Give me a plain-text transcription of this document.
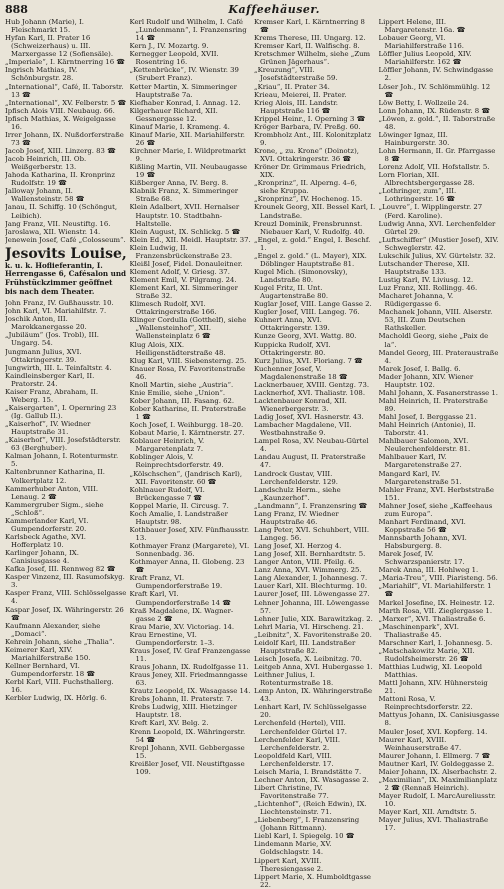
888	Kaffeehäuser.

Hub Johann (Marie), I. Fleischmarkt 15.

Hyfan Karl, II. Prater 16 (Schweizerhaus) u. III. Marxergasse 12 (Sofiensäle).

„Imperiale“, I. Kärntnerring 16 ☎

Ingrisch Mathias, IV. Schönburgstr. 28.

„International“, Café, II. Taborstr. 13 ☎

„International“, XV. Felberstr. 5 ☎

Ipfisch Alois VIII. Neubaug. 66.

Ipfisch Mathias, X. Weigelgasse 16.

Irrer Johann, IX. Nußdorferstraße 73 ☎

Jacob Josef, XIII. Linzerg. 83 ☎

Jacob Heinrich, III. Ob. Weißgerberstr. 13.

Jahoda Katharina, II. Kronprinz Rudolfstr. 19 ☎

Jalloway Johann, II. Wallensteinstr. 58 ☎

Janau, II. Schiffg. 10 (Schöngut, Leibich).

Jang Franz, VII. Neustiftg. 16.

Jaroslawa, XII. Wienstr. 14.

Jenewein Josef, Café „Colosseum“.

Jesovits Louise,
k. u. k. Hoflieferantin, I. Herrengasse 6, Cafésalon und Frühstückzimmer geöffnet bis nach dem Theater.

John Franz, IV. Gußhausstr. 10.

John Karl, VI. Mariahilfstr. 7.

Joschik Anton, III. Marokkanergasse 20.

„Jubiläum“ (Jos. Trobl), III. Ungarg. 54.

Jungmann Julius, XVI. Ottakringerstr. 39.

Jungwirth, III. L. Teinfaltstr. 4.

Kaindleinsberger Karl, II. Pratorstr. 24.

Kaiser Franz, Abraham, II. Weberg. 15.

„Kaisergarten“, I. Opernring 23 (Ig. Gallub II.).

„Kaiserhof“, IV. Wiedner Hauptstraße 31.

„Kaiserhof“, VIII. Josefstädterstr. 63 (Berghuber).

Kalman Johann, I. Rotenturmstr. 5.

Kaltenbrunner Katharina, II. Volkertplatz 12.

Kammerhuber Anton, VIII. Lenaug. 2 ☎

Kammergruber Sigm., siehe „Schloß“.

Kammerlander Karl, VI. Gumpendorferstr. 20.

Karlsbeck Agathe, XVI. Hofferplatz 10.

Karlinger Johann, IX. Canisiusgasse 4.

Kafka Josef, III. Rennweg 82 ☎

Kasper Vinzenz, III. Rasumofskyg. 3.

Kasper Franz, VIII. Schlösselgasse 4.

Kaspar Josef, IX. Währingerstr. 26 ☎

Kaufmann Alexander, siehe „Domaci“.

Kehrein Johann, siehe „Thalia“.

Keimerer Karl, XIV. Mariahilferstraße 150.

Kellner Bernhard, VI. Gumpendorferstr. 18 ☎

Kerbl Karl, VIII. Fuchsthallerg. 16.

Kerbler Ludwig, IX. Hörlg. 6.

Kerl Rudolf und Wilhelm, I. Café „Lundenmann“, I. Franzensring 14 ☎

Kern J., IV. Mozartg. 9.

Kernegger Leopold, XVII. Rosentring 16.

„Kettenbrücke“, IV. Wienstr. 39 (Srubert Franz).

Ketter Martin, X. Simmeringer Hauptstraße 7a.

Kiefhaber Konrad, I. Annag. 12.

Kilgerhauer Richard, XII. Gessnergasse 12.

Kinauf Marie, I. Krameng. 4.

Kinauf Marie, XII. Mariahilferstr. 26 ☎

Kirchner Marie, I. Wildpretmarkt 9.

Kißling Martin, VII. Neubaugasse 19 ☎

Kißberger Anna, IV. Berg. 8.

Klabnik Franz, X. Simmeringer Straße 68.

Klein Adalbert, XVII. Hernalser Hauptstr. 10. Stadtbahn-Haltstelle.

Klein August, IX. Schlickg. 5 ☎

Klein Ed., XII. Meidl. Hauptstr. 37.

Klein Ludwig, II. Franzensbrückenstraße 23.

Kleißl Josef, Fidel. Donauleitner.

Klement Adolf, V. Griesg. 37.

Klement Emil, V. Pilgramg. 24.

Klement Karl, XI. Simmeringer Straße 32.

Klimesch Rudolf, XVI. Ottakringerstraße 166.

Klinger Cordulla (Gotthelf), siehe „Wallensteinhof“, XII. Wallensteinplatz 6 ☎

Klug Alois, XIX. Heiligenstädterstraße 48.

Klug Karl, VIII. Siebensterng. 25.

Knauer Rosa, IV. Favoritenstraße 46.

Knoll Martin, siehe „Austria“.

Knie Emilie, siehe „Union“.

Kober Johann, III. Fasang. 62.

Kober Katharine, II. Praterstraße 1 ☎

Koch Josef, I. Weihburgg. 18–20.

Kobaut Marie, I. Kärntnerstr. 27.

Koblauer Heinrich, V. Margaretenplatz 7.

Koblinger Alois, V. Reinprechtsdorferstr. 49.

„Kölschschen“, (Jandrisch Karl), XII. Favoritenstr. 60 ☎

Kohlnauer Rudolf, VI. Brückengasse 7 ☎

Koppel Marie, II. Circusg. 7.

Koch Amalie, I. Landstraßer Hauptstr. 98.

Kothbauer Josef, XIV. Fünfhausstr. 13.

Kothmayer Franz (Margarete), VI. Sonnenbadg. 36.

Kothmayer Anna, II. Globeng. 23 ☎

Kraft Franz, VI. Gumpendorferstraße 19.

Kraft Karl, VI. Gumpendorferstraße 14 ☎

Kraß Magdalene, IX. Wagner-gasse 2 ☎

Krau Marie, XV. Victoriag. 14.

Krau Ernestine, VI. Gumpendorferstr. 1–3.

Kraus Josef, IV. Graf Franzengasse 11.

Kraus Johann, IX. Rudolfgasse 11.

Kraus Jeney, XII. Friedmanngasse 63.

Krautz Leopold, IX. Wasagasse 14.

Krebs Johann, II. Praterstr. 7.

Krebs Ludwig, XIII. Hietzinger Hauptstr. 18.

Kreft Karl, XV. Belg. 2.

Krenn Leopold, IX. Währingerstr. 54 ☎

Krepl Johann, XVII. Gebbergasse 15.

Kreißler Josef, VII. Neustiftgasse 109.

Kremser Karl, I. Kärntnerring 8 ☎

Krems Therese, III. Ungarg. 12.

Kremser Karl, II. Walfischg. 8.

Kretschmer Wilhelm, siehe „Zum Grünen Jägerhaus“.

„Kreuzung“, VIII. Josefstädterstraße 59.

„Kriau“, II. Prater 34.

Krieau, Meierei, II. Prater.

Krieg Alois, III. Landstr. Hauptstraße 116 ☎

Krippel Heinr., I. Operning 3 ☎

Kröger Barbara, IV. Preßg. 60.

Krombholz Ant., III. Kolonitzplatz 9.

Krone, „ zu. Krone“ (Doinotz), XVI. Ottakringerstr. 36 ☎

Kröner Dr. Grimmaus Friedrich, XIX.

„Kronprinz“, II. Alperng. 4–6, siehe Kruppa.

„Kronprinz“, IV. Hochenog. 15.

Krounek Georg, XII. Bessel Karl, I. Landstraße.

Kreuzl Dominik, Frensbrunnst. Niebauer Karl, V. Rudolfg. 40.

„Engel, z. gold.“ Engel, I. Beschf. 1.

„Engel z. gold.“ (L. Mayer), XIX. Döblinger Hauptstraße 81.

Kugel Mich. (Simonovsky), Landstraße 80.

Kugel Fritz, II. Unt. Augartenstraße 80.

Kuglar Josef, VIII. Lange Gasse 2.

Kugler Josef, VIII. Langeg. 76.

Kuhnert Anna, XVI. Ottakringerstr. 139.

Kunze Georg, XVI. Wattg. 80.

Kuppicka Rudolf, XVI. Ottakringerstr. 80.

Kurz Julius, XVI. Floriang. 7 ☎

Kuchenner Josef, V. Magdalenenstraße 18 ☎

Lacknerbauer, XVIII. Gentzg. 73.

Lacknerhof, XVI. Thaliastr. 108.

Lacktenbauer Konrad, XII. Wienerbergerstr. 3.

Ladig Josef, XVI. Hasnerstr. 43.

Lambacher Magdalene, VII. Westbahnstraße 9.

Lampel Rosa, XV. Neubau-Gürtel 4.

Landau August, II. Praterstraße 47.

Landrock Gustav, VIII. Lerchenfelderstr. 129.

Landschulz Herm., siehe „Kaunzerhof“.

„Landmann“, I. Franzensring ☎

Lang Franz, IV. Wiedner Hauptstraße 46.

Lang Peter, XVI. Schuhbert, VIII. Langeg. 56.

Lang Josef, XI. Herzog 4.

Lang Josef, XII. Bernhardtstr. 5.

Langer Anton, VIII. Pfeilg. 6.

Lanz Anna, XVI. Wimmerg. 25.

Lang Alexander, I. Johannesg. 7.

Lauer Karl, XII. Blechturmg. 10.

Laurer Josef, III. Löwengasse 27.

Lehner Johanna, III. Löwengasse 57.

Lehner Julie, XIX. Barawitzkag. 2.

Lehrl Maria, VI. Hirscheng. 21.

„Leibnitz“, X. Favoritenstraße 20.

Leidolf Karl, III. Landstraßer Hauptstraße 82.

Leisch Josefa, X. Leibnitzg. 70.

Leitgeb Anna, XVI. Hubergasse 1.

Leithner Julius, I. Rotenturmstraße 18.

Lemp Anton, IX. Währingerstraße 43.

Lenhart Karl, IV. Schlüsselgasse 20.

Lerchenfeld (Hertel), VIII. Lerchenfelder Gürtel 17.

Lerchenfelder Karl, VIII. Lerchenfelderstr. 2.

Leopoldfeld Karl, VIII. Lerchenfelderstr. 17.

Leisch Maria, I. Brandstätte 7.

Lechner Anton, IX. Wasagasse 2.

Libert Christine, IV. Favoritenstraße 77.

„Lichtenhof“, (Reich Edwin), IX. Liechtensteinstr. 71.

„Liebenberg“, I. Franzensring (Johann Rittmann).

Liebl Karl, I. Spiegelg. 10 ☎

Lindemann Marie, XV. Goldschlagstr. 14.

Lippert Karl, XVIII. Theresiengasse 2.

Lippert Marie, X. Humboldtgasse 22.

Lippert Helene, III. Margaretenstr. 16a. ☎

Lobauer Georg, VI. Mariahilferstraße 116.

Löffler Julius Leopold, XIV. Mariahilferstr. 162 ☎

Löffler Johann, IV. Schwindgasse 2.

Löser Joh., IV. Schlömmühlg. 12 ☎

Löw Betty, I. Wollzeile 24.

Lonn Johann, IX. Rüdenstr. 8 ☎

„Löwen, z. gold.“, II. Taborstraße 48.

Löwinger Ignaz, III. Hainburgerstr. 30.

Lohn Hermann, II. Gr. Pfarrgasse 8 ☎

Lorenz Adolf, VII. Hofstallstr. 5.

Lorn Florian, XII. Albrechtsbergergasse 28.

„Lothringer, zum“, III. Lothringerstr. 16 ☎

„Louvre“, I. Wipplingerstr. 27 (Ferd. Karoline).

Ludwig Anna, XVI. Lerchenfelder Gürtel 29.

„Luftschiffer“ (Mustier Josef), XIV. Schweglerstr. 42.

Lukschik Julius, XV. Gürtelstr. 32.

Lutschander Therese, XII. Hauptstraße 133.

Lustig Karl, IV. Liviusg. 12.

Luz Franz, XII. Rollingg. 46.

Macharet Johanna, V. Rüdigergasse 6.

Machanek Johann, VIII. Alserstr. 53, III. Zum Deutschen Rathskeller.

Macholdl Georg, siehe „Paix de la“.

Mandel Georg, III. Prateraustraße 4.

Marek Josef, I. Ballg. 6.

Mader Johann, XIV. Wiener Hauptstr. 102.

Mahl Johann, X. Fasanerstrasse 1.

Mahl Heinrich, II. Praterstraße 89.

Mahl Josef, I. Berggasse 21.

Mahl Heinrich (Antonie), II. Taborstr. 41.

Mahlbauer Salomon, XVI. Neulerchenfelderstr. 81.

Mahlbauer Karl, IV. Margaretenstraße 27.

Mangard Karl, IV. Margaretenstraße 51.

Mahler Franz, XVI. Herbststraße 151.

Mahner Josef, siehe „Kaffeehaus zum Europa“.

Manhart Ferdinand, XVI. Koppstraße 56 ☎

Mannsbarth Johann, XVI. Habsburgerg. 8.

Marek Josef, IV. Schwarzspanierstr. 17.

Marek Anna, III. Hohlweg 1.

„Maria-Treu“, VIII. Piaristeng. 56.

„Mariahilf“, VI. Mariahilferstr. 1 ☎

Markel Josefine, IX. Heinestr. 12.

Marth Rosa, VII. Zieglergasse 1.

„Marxer“, XVI. Thaliastraße 6.

„Maschinenpark“, XVI. Thaliastraße 45.

Marschner Karl, I. Johannesg. 5.

„Matschakowitz Marie, XII. Rudolfsheimerstr. 26 ☎

Matthias Ludwig, XI. Leopold Matthias.

Mattl Johann, XIV. Hühnersteig 21.

Mattoni Rosa, V. Reinprechtsdorferstr. 22.

Mattyus Johann, IX. Canisiusgasse 8.

Mauler Josef, XVI. Kopferg. 14.

Maurer Karl, XVIII. Weinhauserstraße 47.

Maurer Johann, I. Ellmerg. 7 ☎

Mautner Karl, IV. Goldeggasse 2.

Maier Johann, IX. Alserbachstr. 2.

„Maximilian“, IX. Maximilianplatz 2 ☎ (Rennaß Heinrich).

Mayer Rudolf, I. MarcAureliusstr. 10.

Mayer Karl, XII. Arndtstr. 5.

Mayer Julius, XVI. Thaliastraße 17.
